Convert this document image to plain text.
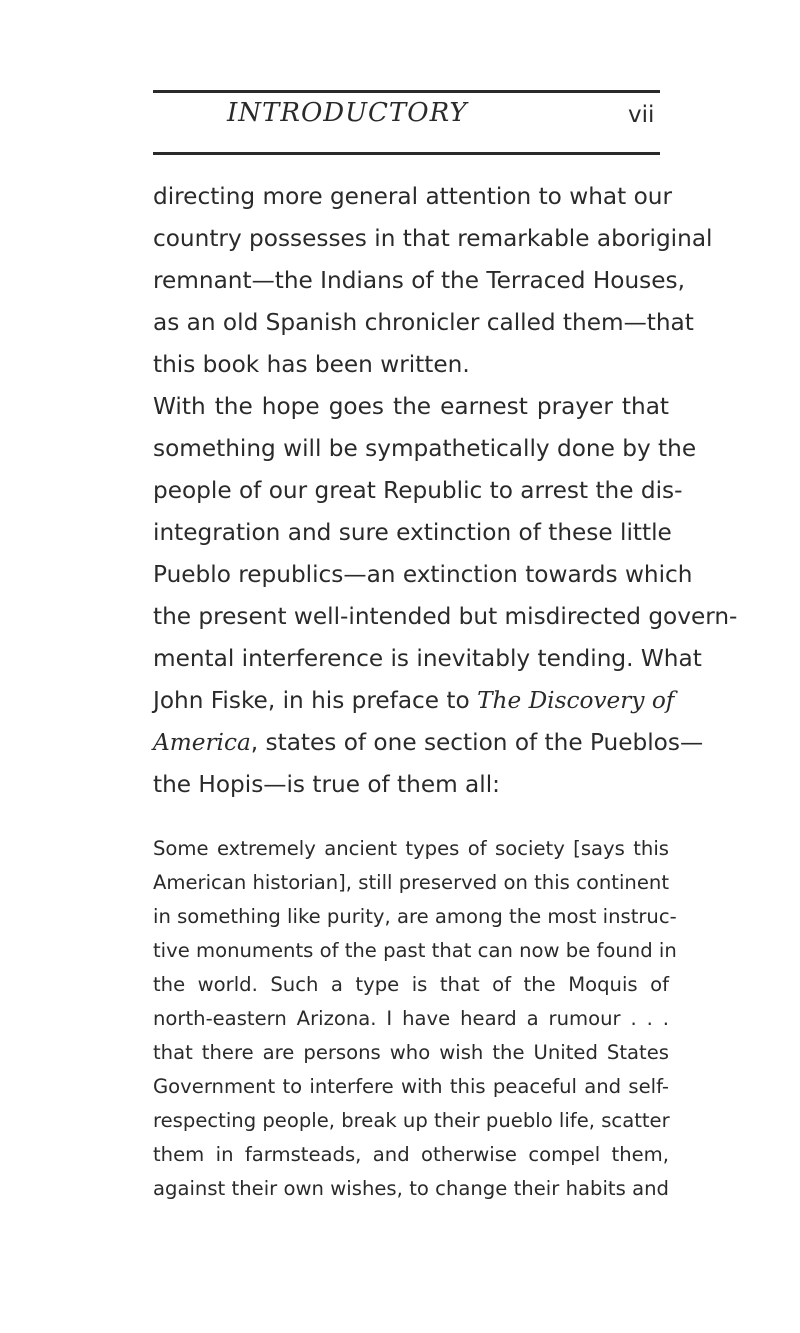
INTRODUCTORY	vii
directing more general attention to what our
country possesses in that remarkable aboriginal
remnant—the Indians of the Terraced Houses,
as an old Spanish chronicler called them—that
this book has been written.
With the hope goes the earnest prayer that
something will be sympathetically done by the
people of our great Republic to arrest the dis-
integration and sure extinction of these little
Pueblo republics—an extinction towards which
the present well-intended but misdirected govern-
mental interference is inevitably tending. What
John Fiske, in his preface to The Discovery of
America, states of one section of the Pueblos—
the Hopis—is true of them all:
Some extremely ancient types of society [says this
American historian], still preserved on this continent
in something like purity, are among the most instruc-
tive monuments of the past that can now be found in
the world. Such a type is that of the Moquis of
north-eastern Arizona. I have heard a rumour . . .
that there are persons who wish the United States
Government to interfere with this peaceful and self-
respecting people, break up their pueblo life, scatter
them in farmsteads, and otherwise compel them,
against their own wishes, to change their habits and
